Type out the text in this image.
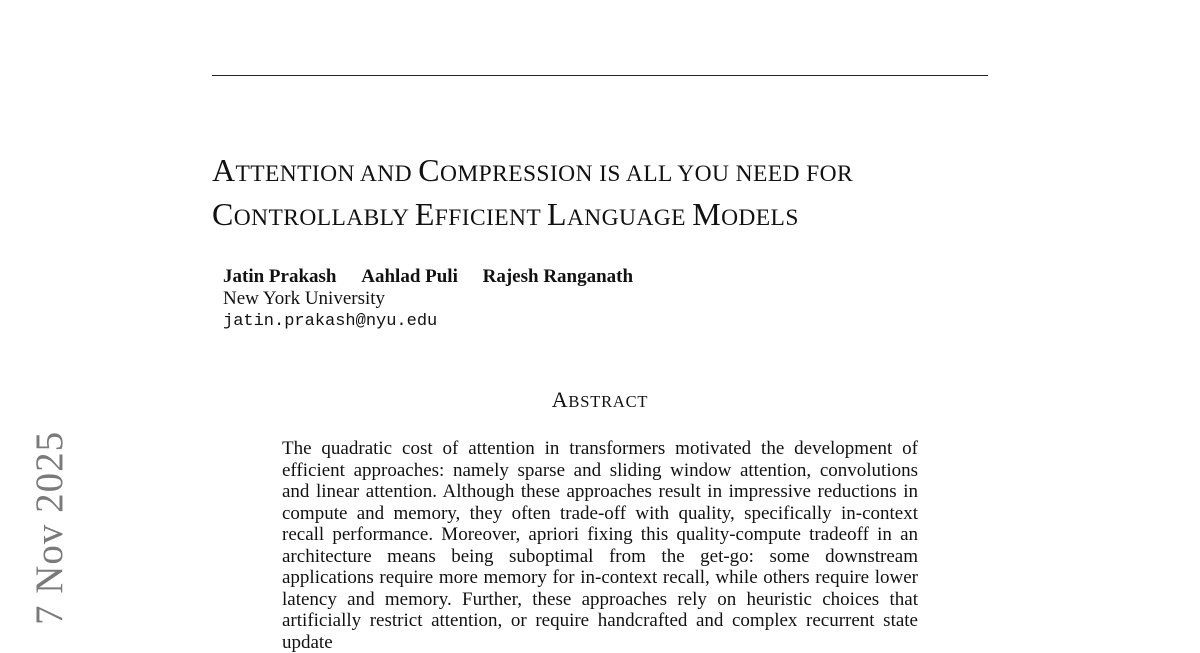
ATTENTION AND COMPRESSION IS ALL YOU NEED FOR
CONTROLLABLY EFFICIENT LANGUAGE MODELS
Jatin Prakash Aahlad Puli Rajesh Ranganath
New York University
jatin.prakash@nyu.edu
ABSTRACT

The quadratic cost of attention in transformers motivated the development of efficient approaches: namely sparse and sliding window attention, convolutions and linear attention. Although these approaches result in impressive reductions in compute and memory, they often trade-off with quality, specifically in-context recall performance. Moreover, apriori fixing this quality-compute tradeoff in an architecture means being suboptimal from the get-go: some downstream applications require more memory for in-context recall, while others require lower latency and memory. Further, these approaches rely on heuristic choices that artificially restrict attention, or require handcrafted and complex recurrent state update

7 Nov 2025
